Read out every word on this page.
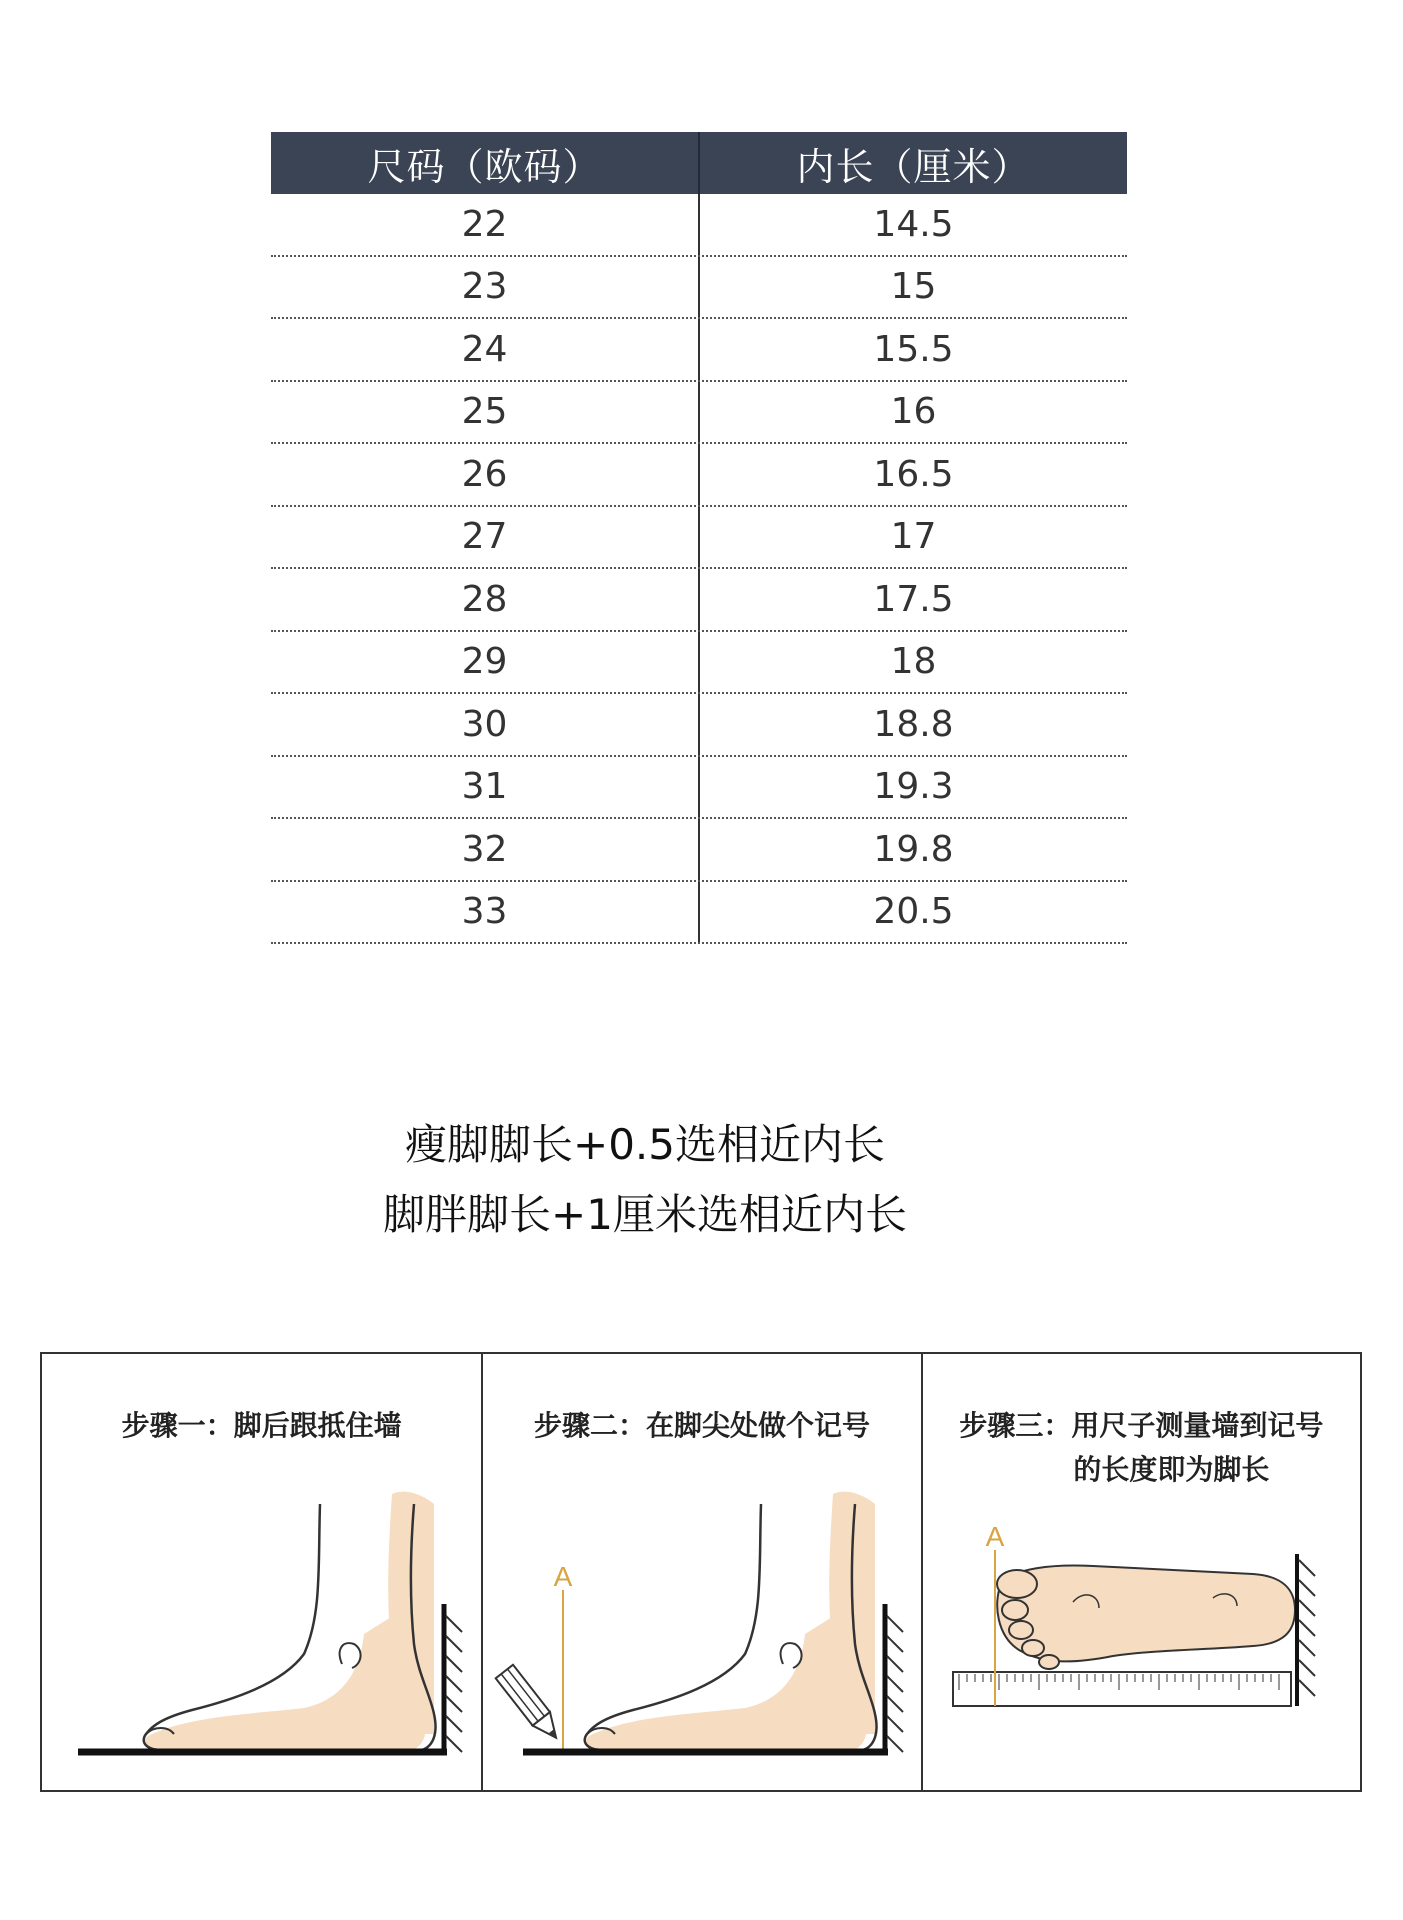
尺码（欧码）	内长（厘米）
22	14.5
23	15
24	15.5
25	16
26	16.5
27	17
28	17.5
29	18
30	18.8
31	19.3
32	19.8
33	20.5
瘦脚脚长+0.5选相近内长
脚胖脚长+1厘米选相近内长
步骤一：脚后跟抵住墙	步骤二：在脚尖处做个记号
A
步骤三：用尺子测量墙到记号
的长度即为脚长
A
